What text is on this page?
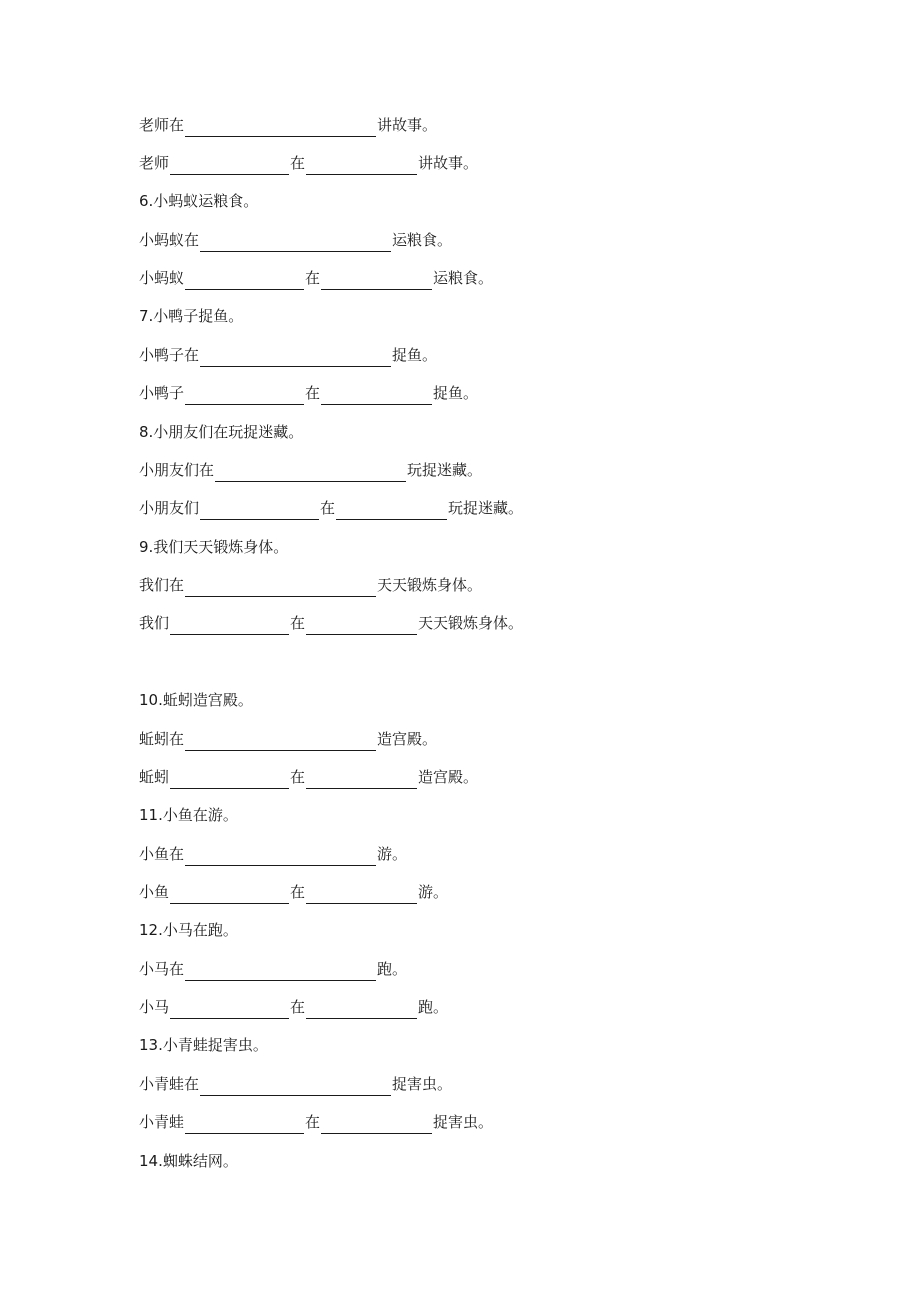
老师在	讲故事。
老师	在	讲故事。
6.小蚂蚁运粮食。
小蚂蚁在	运粮食。
小蚂蚁	在	运粮食。
7.小鸭子捉鱼。
小鸭子在	捉鱼。
小鸭子	在	捉鱼。
8.小朋友们在玩捉迷藏。
小朋友们在	玩捉迷藏。
小朋友们	在	玩捉迷藏。
9.我们天天锻炼身体。
我们在	天天锻炼身体。
我们	在	天天锻炼身体。
10.蚯蚓造宫殿。
蚯蚓在	造宫殿。
蚯蚓	在	造宫殿。
11.小鱼在游。
小鱼在	游。
小鱼	在	游。
12.小马在跑。
小马在	跑。
小马	在	跑。
13.小青蛙捉害虫。
小青蛙在	捉害虫。
小青蛙	在	捉害虫。
14.蜘蛛结网。
